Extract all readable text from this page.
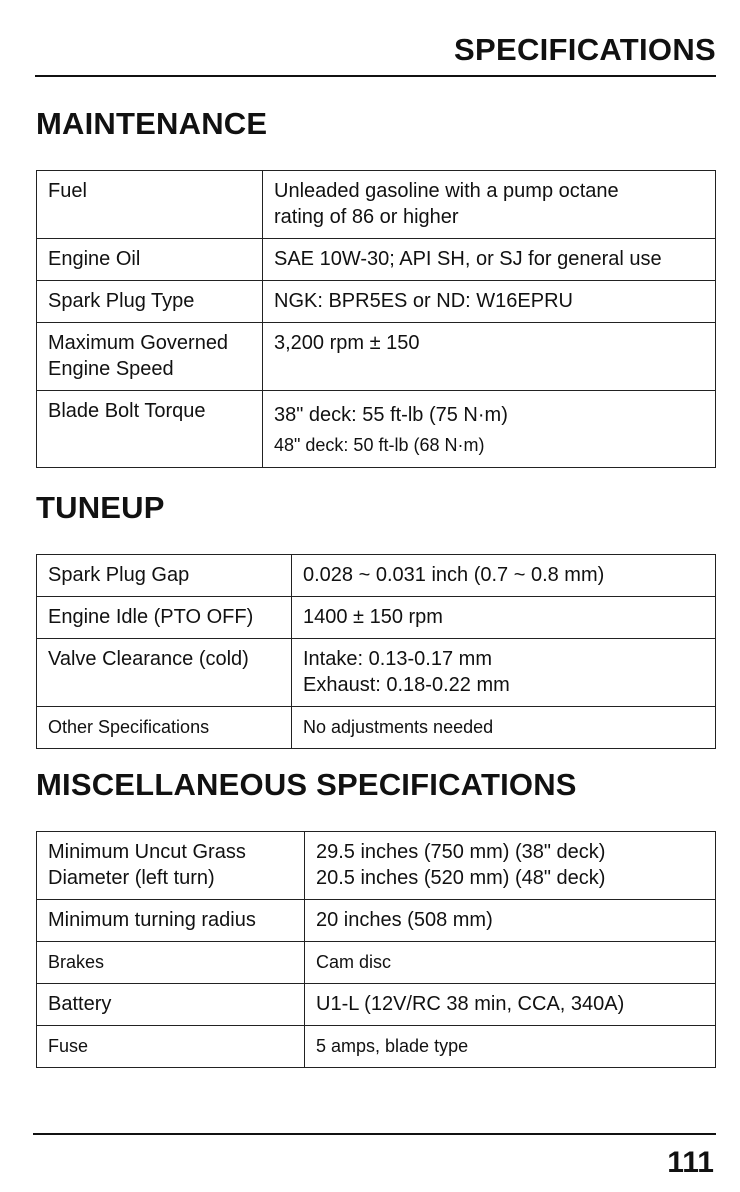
SPECIFICATIONS
MAINTENANCE
Fuel	Unleaded gasoline with a pump octane
rating of 86 or higher

Engine Oil	SAE 10W-30; API SH, or SJ for general use
Spark Plug Type	NGK: BPR5ES or ND: W16EPRU
Maximum Governed Engine Speed	3,200 rpm ± 150
Blade Bolt Torque	38" deck: 55 ft-lb (75 N·m)
48" deck: 50 ft-lb (68 N·m)
TUNEUP
Spark Plug Gap	0.028 ~ 0.031 inch (0.7 ~ 0.8 mm)
Engine Idle (PTO OFF)	1400 ± 150 rpm
Valve Clearance (cold)	Intake: 0.13-0.17 mm
Exhaust: 0.18-0.22 mm

Other Specifications	No adjustments needed
MISCELLANEOUS SPECIFICATIONS
Minimum Uncut Grass Diameter (left turn)	29.5 inches (750 mm) (38" deck)
20.5 inches (520 mm) (48" deck)

Minimum turning radius	20 inches (508 mm)
Brakes	Cam disc
Battery	U1-L (12V/RC 38 min, CCA, 340A)
Fuse	5 amps, blade type
111
